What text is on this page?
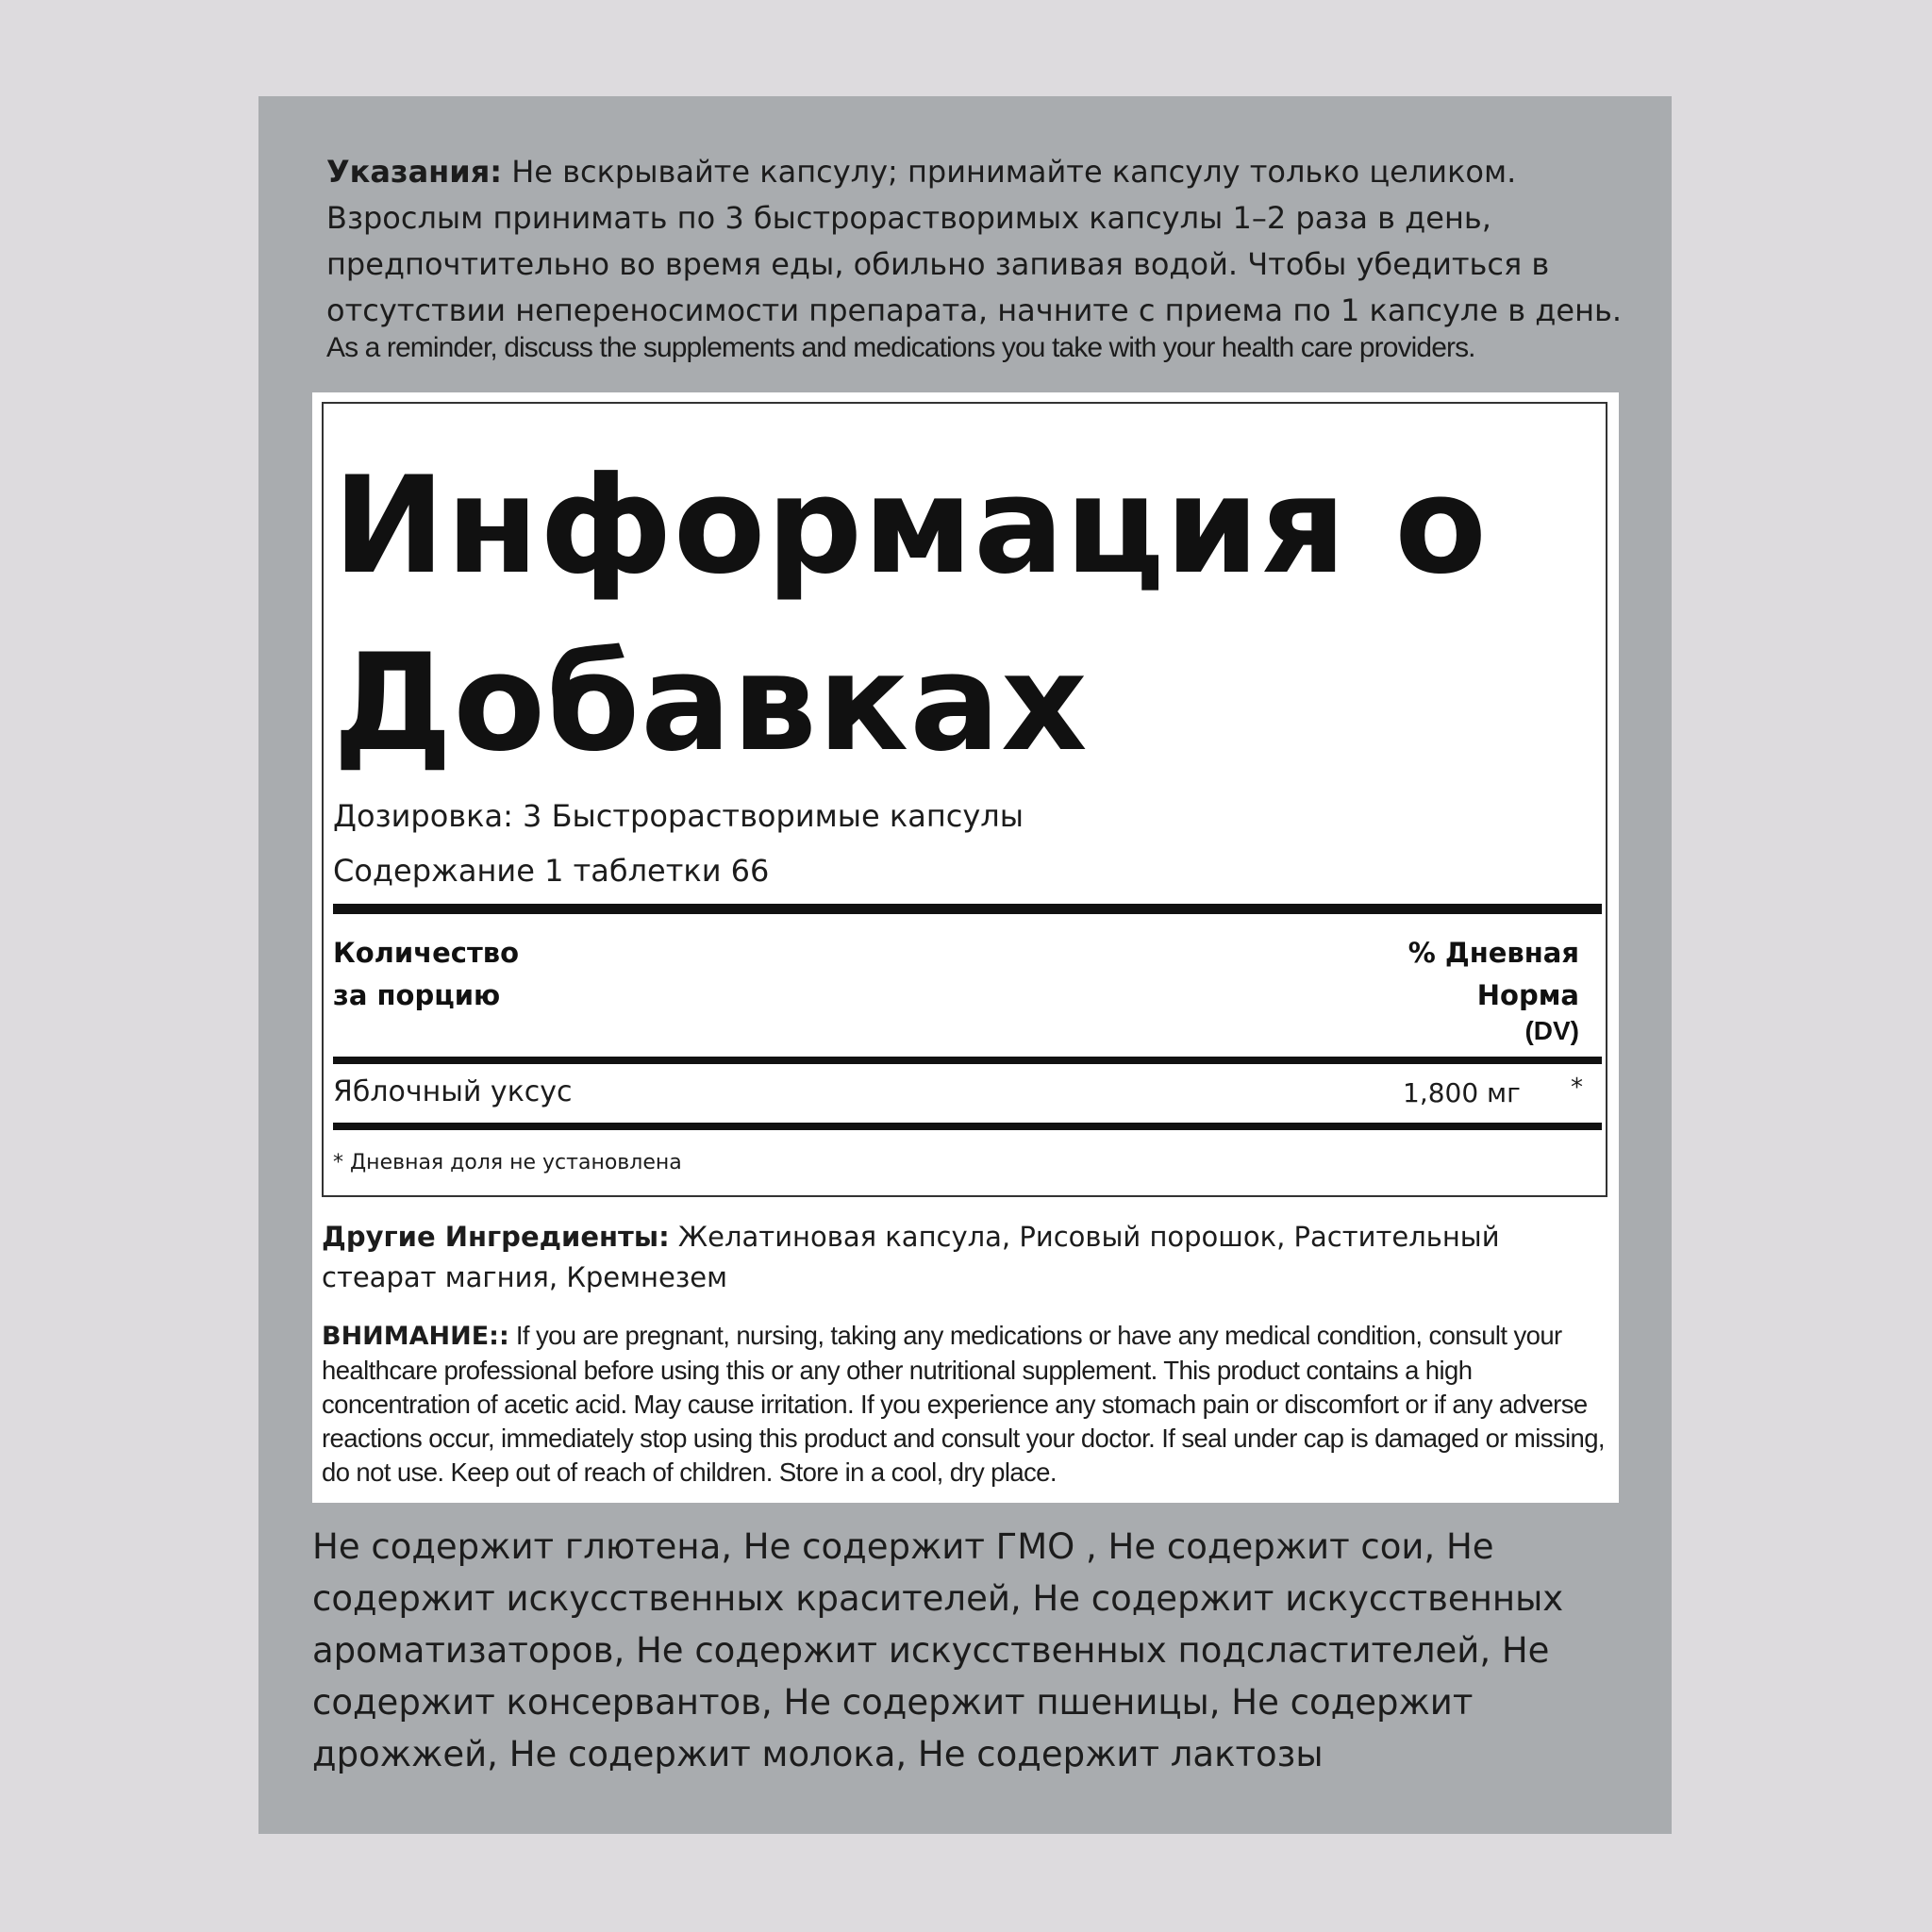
Указания: Не вскрывайте капсулу; принимайте капсулу только целиком. Взрослым принимать по 3 быстрорастворимых капсулы 1–2 раза в день, предпочтительно во время еды, обильно запивая водой. Чтобы убедиться в отсутствии непереносимости препарата, начните с приема по 1 капсуле в день.
As a reminder, discuss the supplements and medications you take with your health care providers.
Информация о Добавках
Дозировка: 3 Быстрорастворимые капсулы
Содержание 1 таблетки 66
Количество
за порцию
% Дневная
Норма
(DV)
Яблочный уксус	1,800 мг *
* Дневная доля не установлена
Другие Ингредиенты: Желатиновая капсула, Рисовый порошок, Растительный стеарат магния, Кремнезем
ВНИМАНИЕ:: If you are pregnant, nursing, taking any medications or have any medical condition, consult your healthcare professional before using this or any other nutritional supplement. This product contains a high concentration of acetic acid. May cause irritation. If you experience any stomach pain or discomfort or if any adverse reactions occur, immediately stop using this product and consult your doctor. If seal under cap is damaged or missing, do not use. Keep out of reach of children. Store in a cool, dry place.
Не содержит глютена, Не содержит ГМО , Не содержит сои, Не содержит искусственных красителей, Не содержит искусственных ароматизаторов, Не содержит искусственных подсластителей, Не содержит консервантов, Не содержит пшеницы, Не содержит дрожжей, Не содержит молока, Не содержит лактозы
